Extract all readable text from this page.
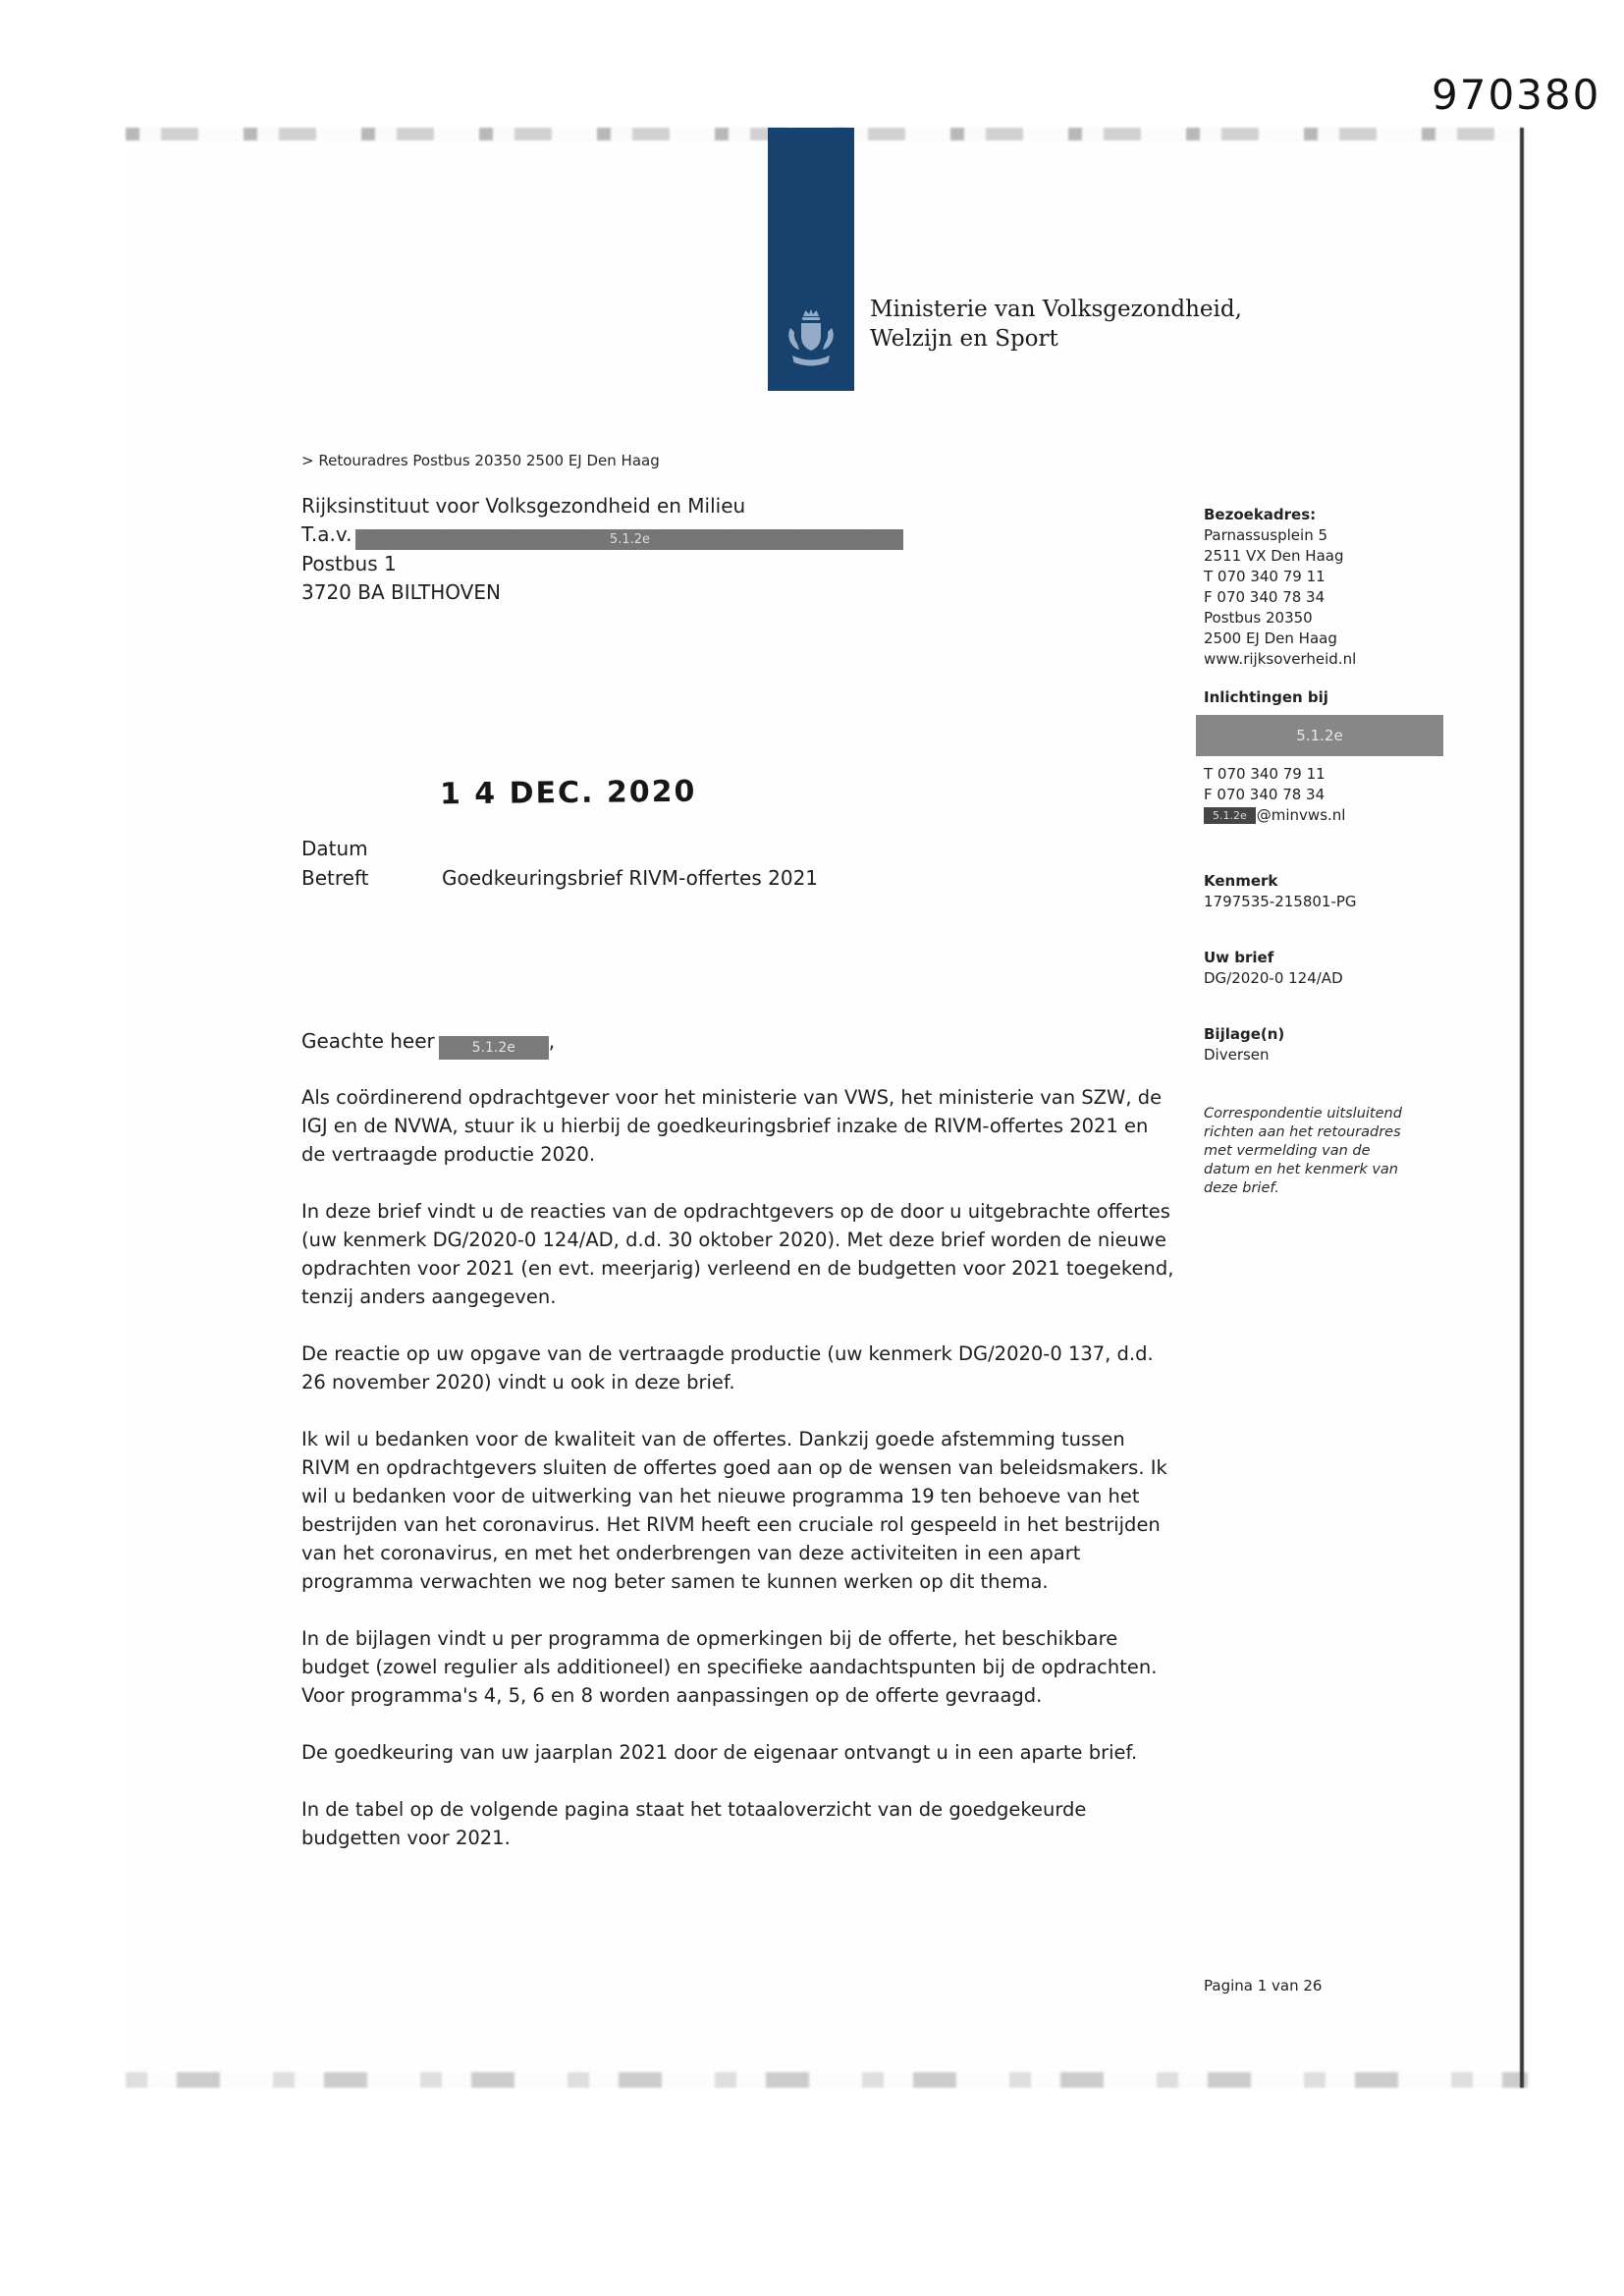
970380
Ministerie van Volksgezondheid,
Welzijn en Sport
> Retouradres Postbus 20350 2500 EJ Den Haag
Rijksinstituut voor Volksgezondheid en Milieu
T.a.v.	5.1.2e
Postbus 1
3720 BA BILTHOVEN
Bezoekadres:
Parnassusplein 5
2511 VX Den Haag
T 070 340 79 11
F 070 340 78 34
Postbus 20350
2500 EJ Den Haag
www.rijksoverheid.nl
Inlichtingen bij
5.1.2e
T 070 340 79 11
F 070 340 78 34
5.1.2e @minvws.nl
Kenmerk
1797535-215801-PG
Uw brief
DG/2020-0 124/AD
Bijlage(n)
Diversen
Correspondentie uitsluitend richten aan het retouradres met vermelding van de datum en het kenmerk van deze brief.
1 4 DEC. 2020
Datum
Betreft	Goedkeuringsbrief RIVM-offertes 2021
Geachte heer	5.1.2e ,

Als coördinerend opdrachtgever voor het ministerie van VWS, het ministerie van SZW, de IGJ en de NVWA, stuur ik u hierbij de goedkeuringsbrief inzake de RIVM-offertes 2021 en de vertraagde productie 2020.

In deze brief vindt u de reacties van de opdrachtgevers op de door u uitgebrachte offertes (uw kenmerk DG/2020-0 124/AD, d.d. 30 oktober 2020). Met deze brief worden de nieuwe opdrachten voor 2021 (en evt. meerjarig) verleend en de budgetten voor 2021 toegekend, tenzij anders aangegeven.

De reactie op uw opgave van de vertraagde productie (uw kenmerk DG/2020-0 137, d.d. 26 november 2020) vindt u ook in deze brief.

Ik wil u bedanken voor de kwaliteit van de offertes. Dankzij goede afstemming tussen RIVM en opdrachtgevers sluiten de offertes goed aan op de wensen van beleidsmakers. Ik wil u bedanken voor de uitwerking van het nieuwe programma 19 ten behoeve van het bestrijden van het coronavirus. Het RIVM heeft een cruciale rol gespeeld in het bestrijden van het coronavirus, en met het onderbrengen van deze activiteiten in een apart programma verwachten we nog beter samen te kunnen werken op dit thema.

In de bijlagen vindt u per programma de opmerkingen bij de offerte, het beschikbare budget (zowel regulier als additioneel) en specifieke aandachtspunten bij de opdrachten. Voor programma's 4, 5, 6 en 8 worden aanpassingen op de offerte gevraagd.

De goedkeuring van uw jaarplan 2021 door de eigenaar ontvangt u in een aparte brief.

In de tabel op de volgende pagina staat het totaaloverzicht van de goedgekeurde budgetten voor 2021.

Pagina 1 van 26
